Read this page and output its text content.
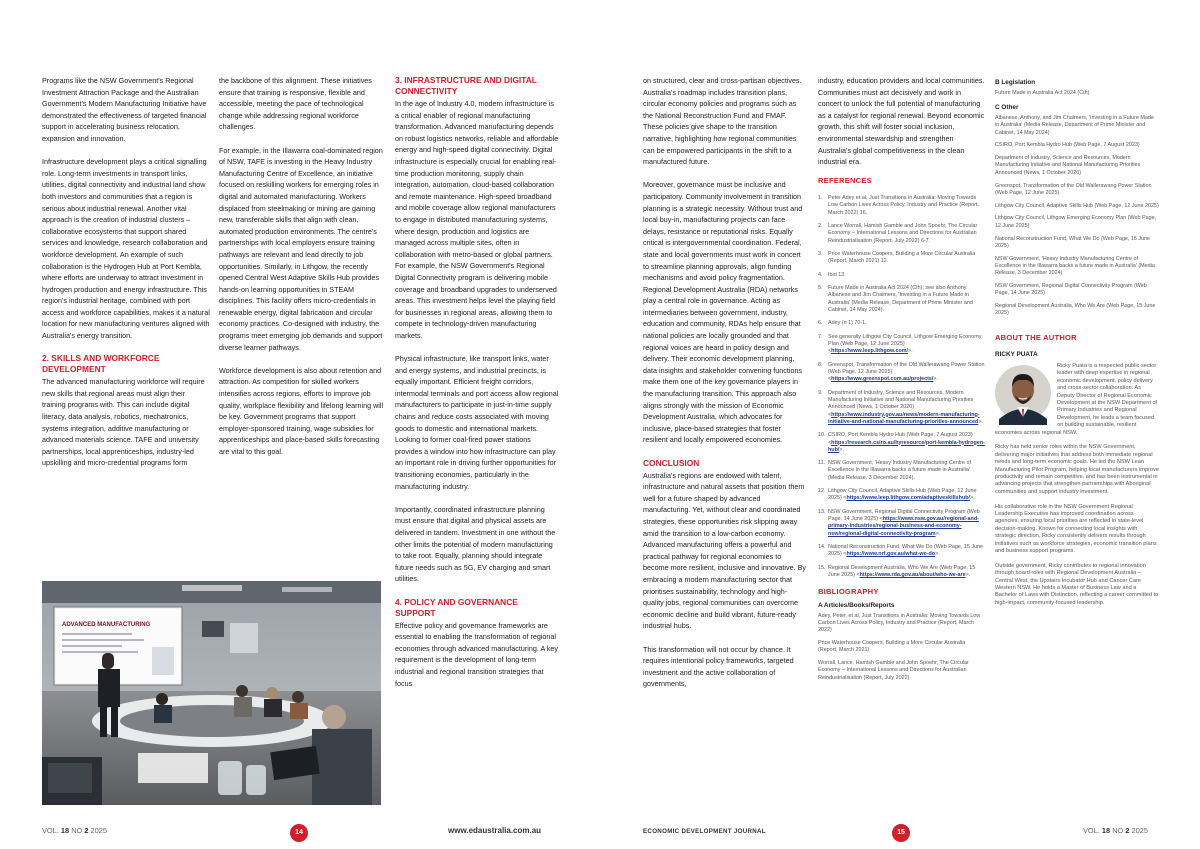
Programs like the NSW Government's Regional Investment Attraction Package and the Australian Government's Modern Manufacturing Initiative have demonstrated the effectiveness of targeted financial support in accelerating business relocation, expansion and innovation.

Infrastructure development plays a critical signalling role. Long-term investments in transport links, utilities, digital connectivity and industrial land show both investors and communities that a region is serious about industrial renewal. Another vital approach is the creation of industrial clusters – collaborative ecosystems that support shared services and knowledge, research collaboration and workforce development. An example of such collaboration is the Hydrogen Hub at Port Kembla, where efforts are underway to attract investment in hydrogen production and energy infrastructure. This region's industrial heritage, combined with port access and workforce capabilities, makes it a natural location for new manufacturing ventures aligned with Australia's energy transition.

2. SKILLS AND WORKFORCE DEVELOPMENT

The advanced manufacturing workforce will require new skills that regional areas must align their training programs with. This can include digital literacy, data analysis, robotics, mechatronics, systems integration, additive manufacturing or advanced materials science. TAFE and university partnerships, local apprenticeships, industry-led upskilling and micro-credential programs form

the backbone of this alignment. These initiatives ensure that training is responsive, flexible and accessible, meeting the pace of technological change while addressing regional workforce challenges.

For example, in the Illawarra coal-dominated region of NSW, TAFE is investing in the Heavy Industry Manufacturing Centre of Excellence, an initiative focused on reskilling workers for emerging roles in digital and automated manufacturing. Workers displaced from steelmaking or mining are gaining new, transferable skills that align with clean, automated production environments. The centre's partnerships with local employers ensure training pathways are relevant and lead directly to job opportunities. Similarly, in Lithgow, the recently opened Central West Adaptive Skills Hub provides hands-on learning opportunities in STEAM disciplines. This facility offers micro-credentials in renewable energy, digital fabrication and circular economy practices. Co-designed with industry, the programs meet emerging job demands and support diverse learner pathways.

Workforce development is also about retention and attraction. As competition for skilled workers intensifies across regions, efforts to improve job quality, workplace flexibility and lifelong learning will be key. Government programs that support employer-sponsored training, wage subsidies for apprenticeships and place-based skills forecasting are vital to this goal.

3. INFRASTRUCTURE AND DIGITAL CONNECTIVITY

In the age of Industry 4.0, modern infrastructure is a critical enabler of regional manufacturing transformation. Advanced manufacturing depends on robust logistics networks, reliable and affordable energy and high-speed digital connectivity. Digital infrastructure is especially crucial for enabling real-time production monitoring, supply chain integration, automation, cloud-based collaboration and remote maintenance. High-speed broadband and mobile coverage allow regional manufacturers to engage in distributed manufacturing systems, where design, production and logistics are managed across multiple sites, often in collaboration with metro-based or global partners. For example, the NSW Government's Regional Digital Connectivity program is delivering mobile coverage and broadband upgrades to underserved areas. This investment helps level the playing field for businesses in regional areas, allowing them to compete in technology-driven manufacturing markets.

Physical infrastructure, like transport links, water and energy systems, and industrial precincts, is equally important. Efficient freight corridors, intermodal terminals and port access allow regional manufacturers to participate in just-in-time supply chains and reduce costs associated with moving goods to domestic and international markets. Looking to former coal-fired power stations provides a window into how infrastructure can play an important role in driving further opportunities for transitioning economies, particularly in the manufacturing industry.

Importantly, coordinated infrastructure planning must ensure that digital and physical assets are delivered in tandem. Investment in one without the other limits the potential of modern manufacturing to take root. Equally, planning should integrate future needs such as 5G, EV charging and smart utilities.

4. POLICY AND GOVERNANCE SUPPORT

Effective policy and governance frameworks are essential to enabling the transformation of regional economies through advanced manufacturing. A key requirement is the development of long-term industrial and regional transition strategies that focus

ADVANCED MANUFACTURING
VOL. 18 NO 2 2025	14	www.edaustralia.com.au

on structured, clear and cross-partisan objectives. Australia's roadmap includes transition plans, circular economy policies and programs such as the National Reconstruction Fund and FMAF. These policies give shape to the transition narrative, highlighting how regional communities can be empowered participants in the shift to a manufactured future.

Moreover, governance must be inclusive and participatory. Community involvement in transition planning is a strategic necessity. Without trust and local buy-in, manufacturing projects can face delays, resistance or reputational risks. Equally critical is intergovernmental coordination. Federal, state and local governments must work in concert to streamline planning approvals, align funding mechanisms and avoid policy fragmentation. Regional Development Australia (RDA) networks play a central role in governance. Acting as intermediaries between government, industry, education and community, RDAs help ensure that national policies are locally grounded and that regional voices are heard in policy design and delivery. Their economic development planning, data insights and stakeholder convening functions make them one of the key governance players in the manufacturing transition. This approach also aligns strongly with the mission of Economic Development Australia, which advocates for inclusive, place-based strategies that foster resilient and locally empowered economies.

CONCLUSION

Australia's regions are endowed with talent, infrastructure and natural assets that position them well for a future shaped by advanced manufacturing. Yet, without clear and coordinated strategies, these opportunities risk slipping away amid the transition to a low-carbon economy. Advanced manufacturing offers a powerful and practical pathway for regional economies to become more resilient, inclusive and innovative. By embracing a modern manufacturing sector that prioritises sustainability, technology and high-quality jobs, regional communities can overcome economic decline and build vibrant, future-ready industrial hubs.

This transformation will not occur by chance. It requires intentional policy frameworks, targeted investment and the active collaboration of governments,

industry, education providers and local communities. Communities must act decisively and work in concert to unlock the full potential of manufacturing as a catalyst for regional renewal. Beyond economic growth, this shift will foster social inclusion, environmental stewardship and strengthen Australia's global competitiveness in the clean industrial era.

REFERENCES
1.	Peter Adey et al, Just Transitions in Australia: Moving Towards Low Carbon Lives Across Policy, Industry and Practice (Report, March 2022) 16.
2.	Lance Worrall, Hamish Gamble and John Spoehr, The Circular Economy – International Lessons and Directions for Australian Reindustrialisation (Report, July 2022) 6-7.
3.	Price Waterhouse Coopers, Building a More Circular Australia (Report, March 2021) 12.
4.	Ibid 13.
5.	Future Made in Australia Act 2024 (Cth); see also Anthony Albanese and Jim Chalmers, 'Investing in a Future Made in Australia' (Media Release, Department of Prime Minister and Cabinet, 14 May 2024).
6.	Adey (n 1) 70-1.
7.	See generally Lithgow City Council, Lithgow Emerging Economy Plan (Web Page, 12 June 2025) <https://www.leep.lithgow.com/>.
8.	Greenspot, Transformation of the Old Wallerawang Power Station (Web Page, 12 June 2025) <https://www.greenspot.com.au/projects/>.
9.	Department of Industry, Science and Resources, Modern Manufacturing Initiative and National Manufacturing Priorities Announced (News, 1 October 2020) <https://www.industry.gov.au/news/modern-manufacturing-initiative-and-national-manufacturing-priorities-announced>.
10. CSIRO, Port Kembla Hydro Hub (Web Page, 7 August 2023) <https://research.csiro.au/hyresource/port-kembla-hydrogen-hub/>.
11. NSW Government, 'Heavy Industry Manufacturing Centre of Excellence in the Illawarra backs a future made in Australia' (Media Release, 3 December 2024).
12. Lithgow City Council, Adaptive Skills Hub (Web Page, 12 June 2025) <https://www.leep.lithgow.com/adaptiveskillshub/>.
13. NSW Government, Regional Digital Connectivity Program (Web Page, 14 June 2025) <https://www.nsw.gov.au/regional-and-primary-industries/regional-business-and-economy-nsw/regional-digital-connectivity-program>.
14. National Reconstruction Fund, What We Do (Web Page, 15 June 2025) <https://www.nrf.gov.au/what-we-do>.
15. Regional Development Australia, Who We Are (Web Page, 15 June 2025) <https://www.rda.gov.au/about/who-we-are>.
BIBLIOGRAPHY
A Articles/Books/Reports
Adey, Peter, et al, Just Transitions in Australia: Moving Towards Low Carbon Lives Across Policy, Industry and Practice (Report, March 2022)
Price Waterhouse Coopers, Building a More Circular Australia (Report, March 2021)
Worrall, Lance, Hamish Gamble and John Spoehr, The Circular Economy – International Lessons and Directions for Australian Reindustrialisation (Report, July 2022)
B Legislation
Future Made in Australia Act 2024 (Cth)
C Other
Albanese, Anthony, and Jim Chalmers, 'Investing in a Future Made in Australia' (Media Release, Department of Prime Minister and Cabinet, 14 May 2024)
CSIRO, Port Kembla Hydro Hub (Web Page, 7 August 2023)
Department of Industry, Science and Resources, Modern Manufacturing Initiative and National Manufacturing Priorities Announced (News, 1 October 2020)
Greenspot, Transformation of the Old Wallerawang Power Station (Web Page, 12 June 2025)
Lithgow City Council, Adaptive Skills Hub (Web Page, 12 June 2025)
Lithgow City Council, Lithgow Emerging Economy Plan (Web Page, 12 June 2025)
National Reconstruction Fund, What We Do (Web Page, 15 June 2025)
NSW Government, 'Heavy Industry Manufacturing Centre of Excellence in the Illawarra backs a future made in Australia' (Media Release, 3 December 2024)
NSW Government, Regional Digital Connectivity Program (Web Page, 14 June 2025)
Regional Development Australia, Who We Are (Web Page, 15 June 2025)
ABOUT THE AUTHOR
RICKY PUATA

Ricky Puata is a respected public sector leader with deep expertise in regional economic development, policy delivery and cross-sector collaboration. As Deputy Director of Regional Economic Development at the NSW Department of Primary Industries and Regional Development, he leads a team focused on building sustainable, resilient economies across regional NSW.

Ricky has held senior roles within the NSW Government, delivering major initiatives that address both immediate regional needs and long-term economic goals. He led the NSW Lean Manufacturing Pilot Program, helping local manufacturers improve productivity and remain competitive, and has been instrumental in advancing projects that strengthen partnerships with Aboriginal communities and support industry investment.

His collaborative role in the NSW Government Regional Leadership Executive has improved coordination across agencies, ensuring local priorities are reflected in state-level decision-making. Known for connecting local insights with strategic direction, Ricky consistently delivers results through initiatives such as workforce strategies, economic transition plans and business support programs.

Outside government, Ricky contributes to regional innovation through board roles with Regional Development Australia – Central West, the Upstairs Incubator Hub and Cancer Care Western NSW. He holds a Master of Business Law and a Bachelor of Laws with Distinction, reflecting a career committed to high-impact, community-focused leadership.

ECONOMIC DEVELOPMENT JOURNAL	15	VOL. 18 NO 2 2025
